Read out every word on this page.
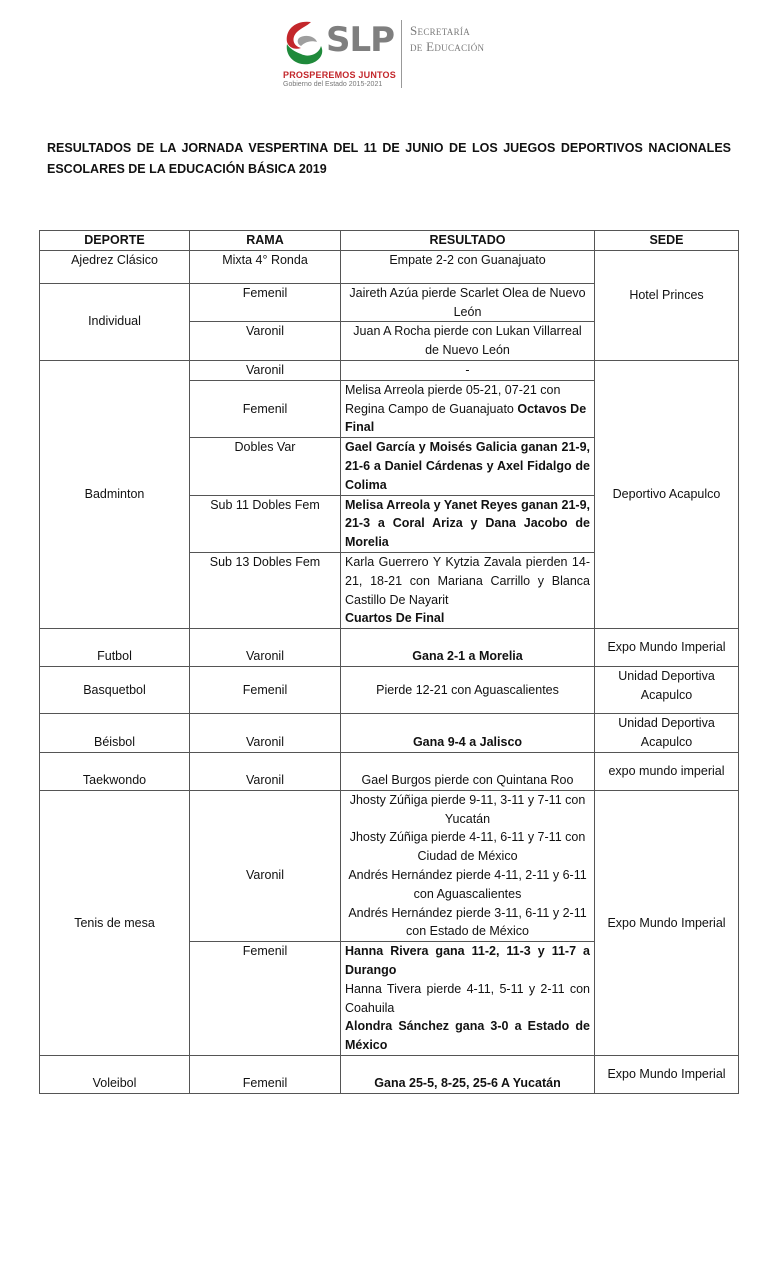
SLP
PROSPEREMOS JUNTOS
Gobierno del Estado 2015-2021
Secretaría
de Educación
RESULTADOS DE LA JORNADA VESPERTINA DEL 11 DE JUNIO DE LOS JUEGOS DEPORTIVOS NACIONALES ESCOLARES DE LA EDUCACIÓN BÁSICA 2019
DEPORTE	RAMA	RESULTADO	SEDE
Ajedrez Clásico	Mixta 4° Ronda	Empate 2-2 con Guanajuato	Hotel Princes
Individual	Femenil	Jaireth Azúa pierde Scarlet Olea de Nuevo León	
	Varonil	Juan A Rocha pierde con Lukan Villarreal de Nuevo León	
Badminton	Varonil	-	Deportivo Acapulco
	Femenil	Melisa Arreola pierde 05-21, 07-21 con Regina Campo de Guanajuato Octavos De Final	
	Dobles Var	Gael García y Moisés Galicia ganan 21-9, 21-6 a Daniel Cárdenas y Axel Fidalgo de Colima	
	Sub 11 Dobles Fem	Melisa Arreola y Yanet Reyes ganan 21-9, 21-3 a Coral Ariza y Dana Jacobo de Morelia	
	Sub 13 Dobles Fem	Karla Guerrero Y Kytzia Zavala pierden 14-21, 18-21 con Mariana Carrillo y Blanca Castillo De Nayarit
Cuartos De Final	
Futbol	Varonil	Gana 2-1 a Morelia	Expo Mundo Imperial
Basquetbol	Femenil	Pierde 12-21 con Aguascalientes	Unidad Deportiva Acapulco
Béisbol	Varonil	Gana 9-4 a Jalisco	Unidad Deportiva Acapulco
Taekwondo	Varonil	Gael Burgos pierde con Quintana Roo	expo mundo imperial
Tenis de mesa	Varonil	Jhosty Zúñiga pierde 9-11, 3-11 y 7-11 con Yucatán
Jhosty Zúñiga pierde 4-11, 6-11 y 7-11 con Ciudad de México
Andrés Hernández pierde 4-11, 2-11 y 6-11 con Aguascalientes
Andrés Hernández pierde 3-11, 6-11 y 2-11 con Estado de México	Expo Mundo Imperial
	Femenil	Hanna Rivera gana 11-2, 11-3 y 11-7 a Durango
Hanna Tivera pierde 4-11, 5-11 y 2-11 con Coahuila
Alondra Sánchez gana 3-0 a Estado de México	

Voleibol	Femenil	Gana 25-5, 8-25, 25-6 A Yucatán	Expo Mundo Imperial
